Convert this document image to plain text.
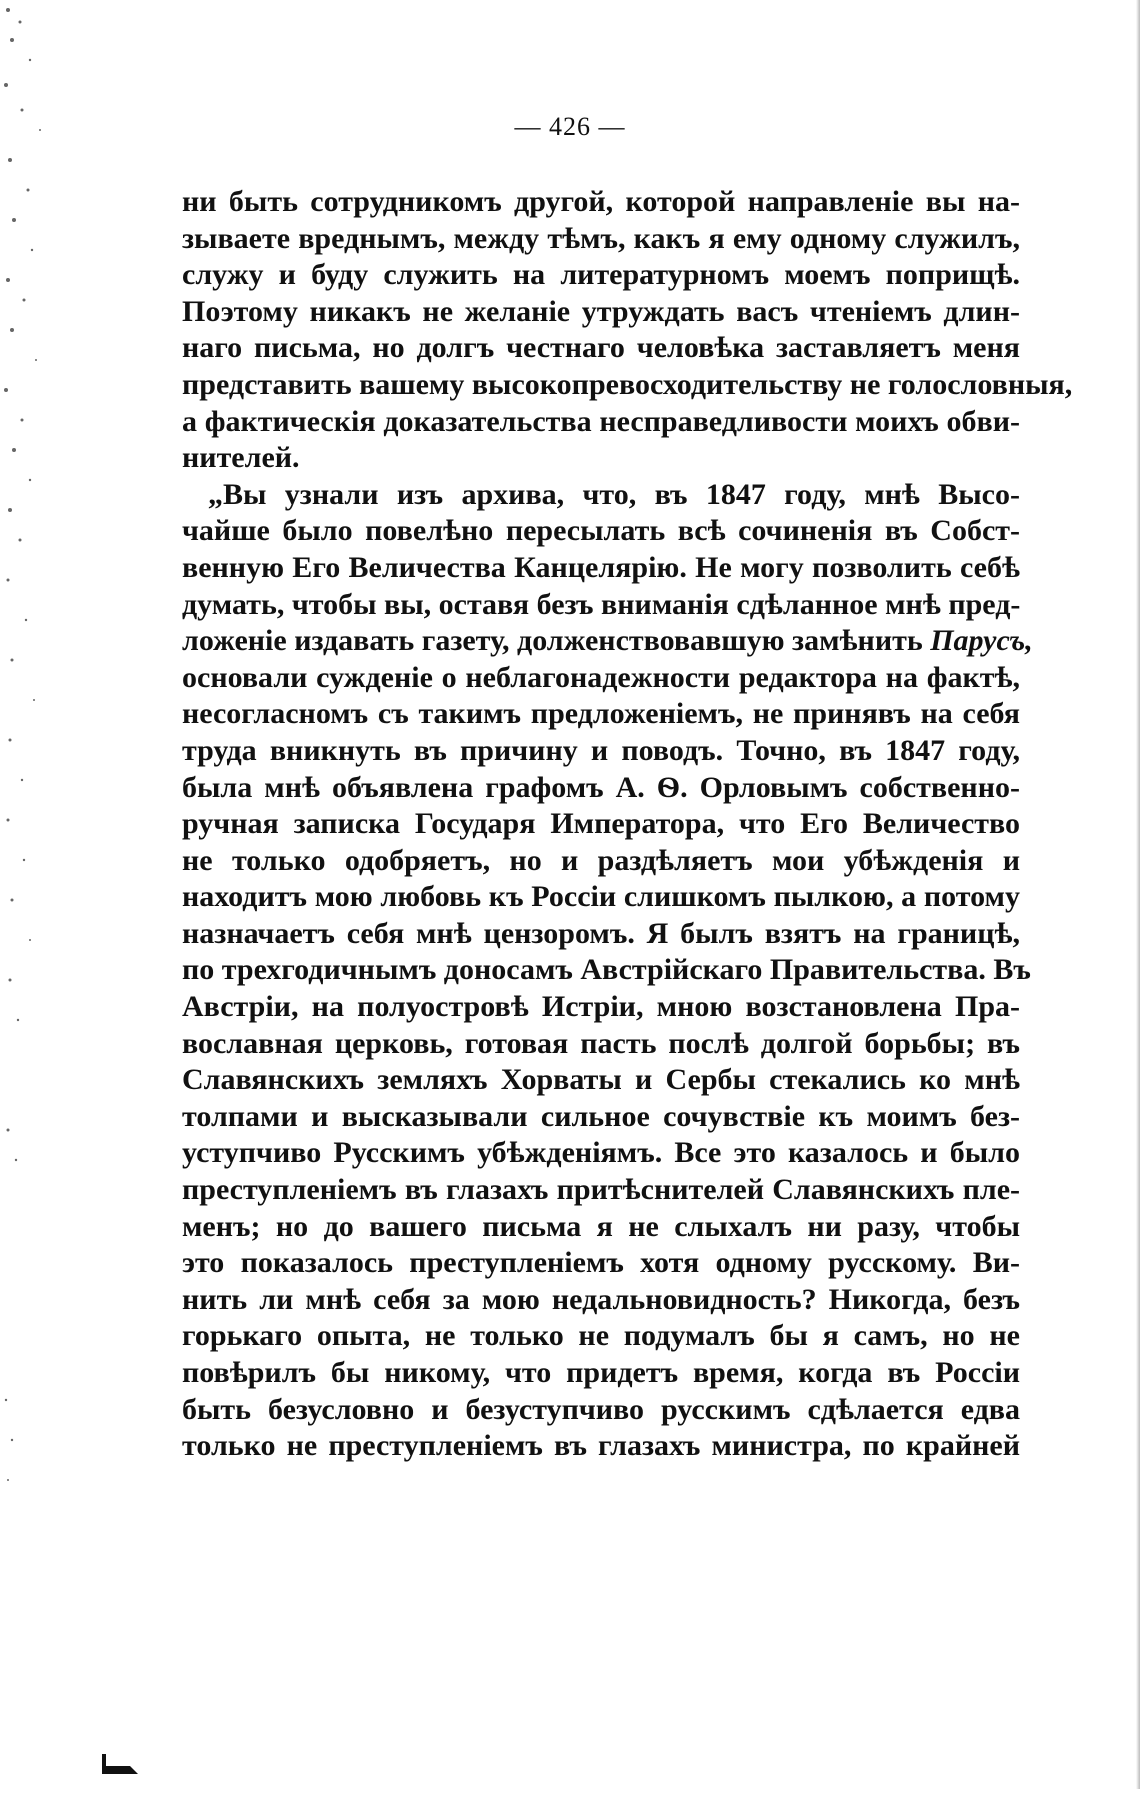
— 426 —
ни быть сотрудникомъ другой, которой направленіе вы на-
зываете вреднымъ, между тѣмъ, какъ я ему одному служилъ,
служу и буду служить на литературномъ моемъ поприщѣ.
Поэтому никакъ не желаніе утруждать васъ чтеніемъ длин-
наго письма, но долгъ честнаго человѣка заставляетъ меня
представить вашему высокопревосходительству не голословныя,
а фактическія доказательства несправедливости моихъ обви-
нителей.
„Вы узнали изъ архива, что, въ 1847 году, мнѣ Высо-
чайше было повелѣно пересылать всѣ сочиненія въ Собст-
венную Его Величества Канцелярію. Не могу позволить себѣ
думать, чтобы вы, оставя безъ вниманія сдѣланное мнѣ пред-
ложеніе издавать газету, долженствовавшую замѣнить Парусъ,
основали сужденіе о неблагонадежности редактора на фактѣ,
несогласномъ съ такимъ предложеніемъ, не принявъ на себя
труда вникнуть въ причину и поводъ. Точно, въ 1847 году,
была мнѣ объявлена графомъ А. Ѳ. Орловымъ собственно-
ручная записка Государя Императора, что Его Величество
не только одобряетъ, но и раздѣляетъ мои убѣжденія и
находитъ мою любовь къ Россіи слишкомъ пылкою, а потому
назначаетъ себя мнѣ цензоромъ. Я былъ взятъ на границѣ,
по трехгодичнымъ доносамъ Австрійскаго Правительства. Въ
Австріи, на полуостровѣ Истріи, мною возстановлена Пра-
вославная церковь, готовая пасть послѣ долгой борьбы; въ
Славянскихъ земляхъ Хорваты и Сербы стекались ко мнѣ
толпами и высказывали сильное сочувствіе къ моимъ без-
уступчиво Русскимъ убѣжденіямъ. Все это казалось и было
преступленіемъ въ глазахъ притѣснителей Славянскихъ пле-
менъ; но до вашего письма я не слыхалъ ни разу, чтобы
это показалось преступленіемъ хотя одному русскому. Ви-
нить ли мнѣ себя за мою недальновидность? Никогда, безъ
горькаго опыта, не только не подумалъ бы я самъ, но не
повѣрилъ бы никому, что придетъ время, когда въ Россіи
быть безусловно и безуступчиво русскимъ сдѣлается едва
только не преступленіемъ въ глазахъ министра, по крайней
